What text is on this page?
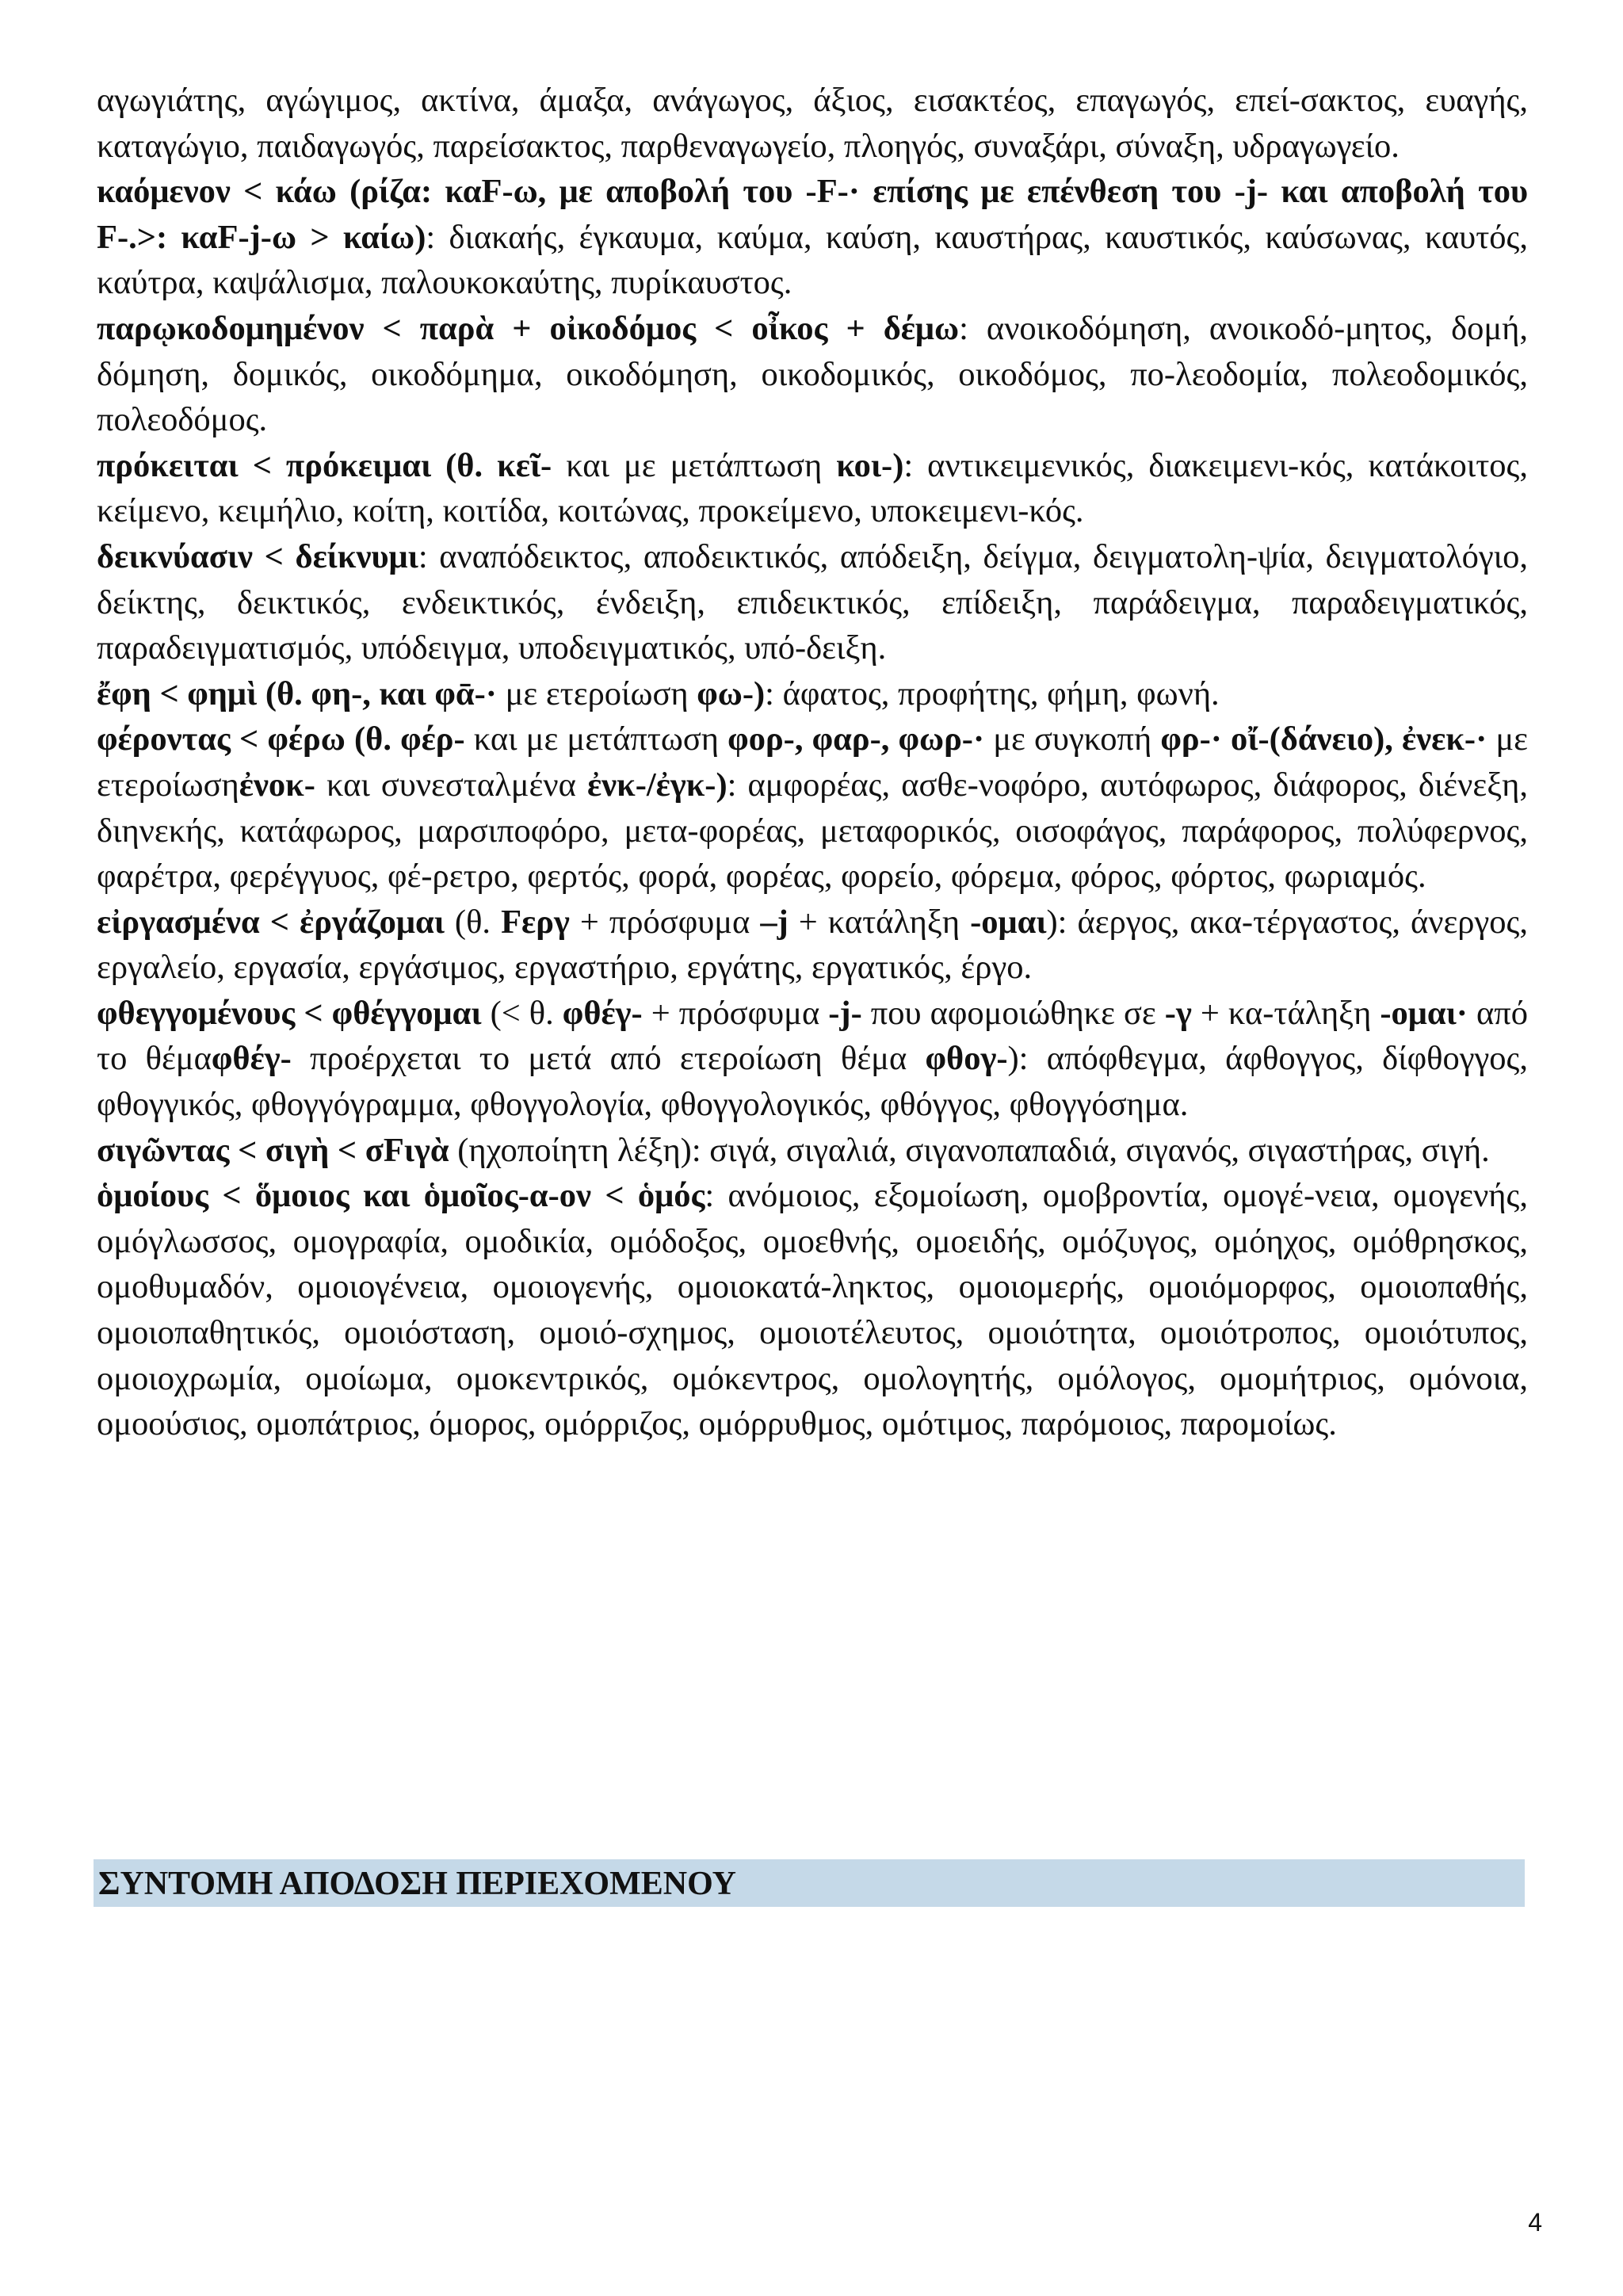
αγωγιάτης, αγώγιμος, ακτίνα, άμαξα, ανάγωγος, άξιος, εισακτέος, επαγωγός, επεί-σακτος, ευαγής, καταγώγιο, παιδαγωγός, παρείσακτος, παρθεναγωγείο, πλοηγός, συναξάρι, σύναξη, υδραγωγείο.

καόμενον < κάω (ρίζα: καF-ω, με αποβολή του -F-· επίσης με επένθεση του -j- και αποβολή του F-.>: καF-j-ω > καίω): διακαής, έγκαυμα, καύμα, καύση, καυστήρας, καυστικός, καύσωνας, καυτός, καύτρα, καψάλισμα, παλουκοκαύτης, πυρίκαυστος.

παρῳκοδομημένον < παρὰ + οἰκοδόμος < οἶκος + δέμω: ανοικοδόμηση, ανοικοδό-μητος, δομή, δόμηση, δομικός, οικοδόμημα, οικοδόμηση, οικοδομικός, οικοδόμος, πο-λεοδομία, πολεοδομικός, πολεοδόμος.

πρόκειται < πρόκειμαι (θ. κεῖ- και με μετάπτωση κοι-): αντικειμενικός, διακειμενι-κός, κατάκοιτος, κείμενο, κειμήλιο, κοίτη, κοιτίδα, κοιτώνας, προκείμενο, υποκειμενι-κός.

δεικνύασιν < δείκνυμι: αναπόδεικτος, αποδεικτικός, απόδειξη, δείγμα, δειγματολη-ψία, δειγματολόγιο, δείκτης, δεικτικός, ενδεικτικός, ένδειξη, επιδεικτικός, επίδειξη, παράδειγμα, παραδειγματικός, παραδειγματισμός, υπόδειγμα, υποδειγματικός, υπό-δειξη.

ἔφη < φημὶ (θ. φη-, και φᾱ-· με ετεροίωση φω-): άφατος, προφήτης, φήμη, φωνή.

φέροντας < φέρω (θ. φέρ- και με μετάπτωση φορ-, φαρ-, φωρ-· με συγκοπή φρ-· οἴ-(δάνειο), ἐνεκ-· με ετεροίωσηἐνοκ- και συνεσταλμένα ἐνκ-/ἐγκ-): αμφορέας, ασθε-νοφόρο, αυτόφωρος, διάφορος, διένεξη, διηνεκής, κατάφωρος, μαρσιποφόρο, μετα-φορέας, μεταφορικός, οισοφάγος, παράφορος, πολύφερνος, φαρέτρα, φερέγγυος, φέ-ρετρο, φερτός, φορά, φορέας, φορείο, φόρεμα, φόρος, φόρτος, φωριαμός.

εἰργασμένα < ἐργάζομαι (θ. Fεργ + πρόσφυμα –j + κατάληξη -ομαι): άεργος, ακα-τέργαστος, άνεργος, εργαλείο, εργασία, εργάσιμος, εργαστήριο, εργάτης, εργατικός, έργο.

φθεγγομένους < φθέγγομαι (< θ. φθέγ- + πρόσφυμα -j- που αφομοιώθηκε σε -γ + κα-τάληξη -ομαι· από το θέμαφθέγ- προέρχεται το μετά από ετεροίωση θέμα φθογ-): απόφθεγμα, άφθογγος, δίφθογγος, φθογγικός, φθογγόγραμμα, φθογγολογία, φθογγολογικός, φθόγγος, φθογγόσημα.

σιγῶντας < σιγὴ < σFιγὰ (ηχοποίητη λέξη): σιγά, σιγαλιά, σιγανοπαπαδιά, σιγανός, σιγαστήρας, σιγή.

ὁμοίους < ὅμοιος και ὁμοῖος-α-ον < ὁμός: ανόμοιος, εξομοίωση, ομοβροντία, ομογέ-νεια, ομογενής, ομόγλωσσος, ομογραφία, ομοδικία, ομόδοξος, ομοεθνής, ομοειδής, ομόζυγος, ομόηχος, ομόθρησκος, ομοθυμαδόν, ομοιογένεια, ομοιογενής, ομοιοκατά-ληκτος, ομοιομερής, ομοιόμορφος, ομοιοπαθής, ομοιοπαθητικός, ομοιόσταση, ομοιό-σχημος, ομοιοτέλευτος, ομοιότητα, ομοιότροπος, ομοιότυπος, ομοιοχρωμία, ομοίωμα, ομοκεντρικός, ομόκεντρος, ομολογητής, ομόλογος, ομομήτριος, ομόνοια, ομοούσιος, ομοπάτριος, όμορος, ομόρριζος, ομόρρυθμος, ομότιμος, παρόμοιος, παρομοίως.

ΣΥΝΤΟΜΗ ΑΠΟΔΟΣΗ ΠΕΡΙΕΧΟΜΕΝΟΥ
4
